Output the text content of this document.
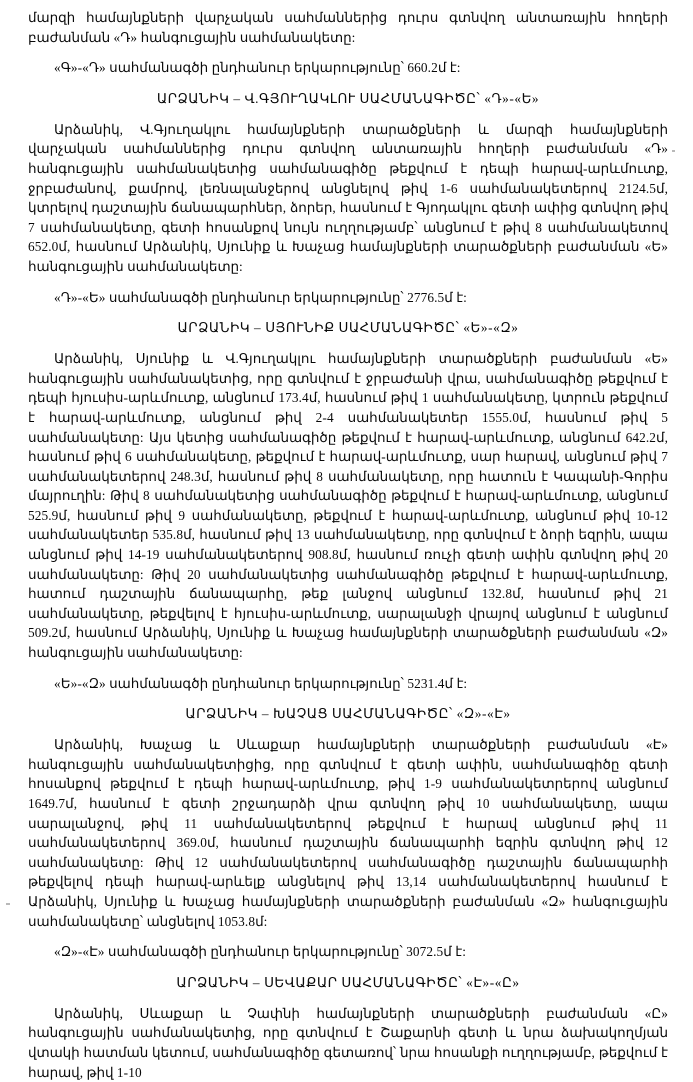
մարզի համայնքների վարչական սահմաններից դուրս գտնվող անտառային հողերի բաժանման «Դ» հանգուցային սահմանակետը:

«Գ»-«Դ» սահմանագծի ընդհանուր երկարությունը՝ 660.2մ է:

ԱՐՁԱՆԻԿ – Վ.ԳՅՈՒՂԱԿԼՈՒ ՍԱՀՄԱՆԱԳԻԾԸ՝ «Դ»-«Ե»

Արձանիկ, Վ.Գյուղակլու համայնքների տարածքների և մարզի համայնքների վարչական սահմաններից դուրս գտնվող անտառային հողերի բաժանման «Դ» հանգուցային սահմանակետից սահմանագիծը թեքվում է դեպի հարավ-արևմուտք, ջրբաժանով, քամրով, լեռնալանջերով անցնելով թիվ 1-6 սահմանակետերով 2124.5մ, կտրելով դաշտային ճանապարհներ, ձորեր, հասնում է Գյոդակլու գետի ափից գտնվող թիվ 7 սահմանակետը, գետի հոսանքով նույն ուղղությամբ՝ անցնում է թիվ 8 սահմանակետով 652.0մ, հասնում Արձանիկ, Սյունիք և Խաչաց համայնքների տարածքների բաժանման «Ե» հանգուցային սահմանակետը:

«Դ»-«Ե» սահմանագծի ընդհանուր երկարությունը՝ 2776.5մ է:

ԱՐՁԱՆԻԿ – ՍՅՈՒՆԻՔ ՍԱՀՄԱՆԱԳԻԾԸ՝ «Ե»-«Զ»

Արձանիկ, Սյունիք և Վ.Գյուղակլու համայնքների տարածքների բաժանման «Ե» հանգուցային սահմանակետից, որը գտնվում է ջրբաժանի վրա, սահմանագիծը թեքվում է դեպի հյուսիս-արևմուտք, անցնում 173.4մ, հասնում թիվ 1 սահմանակետը, կտրուն թեքվում է հարավ-արևմուտք, անցնում թիվ 2-4 սահմանակետեր 1555.0մ, հասնում թիվ 5 սահմանակետը: Այս կետից սահմանագիծը թեքվում է հարավ-արևմուտք, անցնում 642.2մ, հասնում թիվ 6 սահմանակետը, թեքվում է հարավ-արևմուտք, սար հարավ, անցնում թիվ 7 սահմանակետերով 248.3մ, հասնում թիվ 8 սահմանակետը, որը հատուն է Կապանի-Գորիս մայրուղին: Թիվ 8 սահմանակետից սահմանագիծը թեքվում է հարավ-արևմուտք, անցնում 525.9մ, հասնում թիվ 9 սահմանակետը, թեքվում է հարավ-արևմուտք, անցնում թիվ 10-12 սահմանակետեր 535.8մ, հասնում թիվ 13 սահմանակետը, որը գտնվում է ձորի եզրին, ապա անցնում թիվ 14-19 սահմանակետերով 908.8մ, հասնում ռուչի գետի ափին գտնվող թիվ 20 սահմանակետը: Թիվ 20 սահմանակետից սահմանագիծը թեքվում է հարավ-արևմուտք, հատում դաշտային ճանապարհը, թեք լանջով անցնում 132.8մ, հասնում թիվ 21 սահմանակետը, թեքվելով է հյուսիս-արևմուտք, սարալանջի վրայով անցնում է անցնում 509.2մ, հասնում Արձանիկ, Սյունիք և Խաչաց համայնքների տարածքների բաժանման «Զ» հանգուցային սահմանակետը:

«Ե»-«Զ» սահմանագծի ընդհանուր երկարությունը՝ 5231.4մ է:

ԱՐՁԱՆԻԿ – ԽԱՉԱՑ ՍԱՀՄԱՆԱԳԻԾԸ՝ «Զ»-«Է»

Արձանիկ, Խաչաց և Սևաքար համայնքների տարածքների բաժանման «Է» հանգուցային սահմանակետիցից, որը գտնվում է գետի ափին, սահմանագիծը գետի հոսանքով թեքվում է դեպի հարավ-արևմուտք, թիվ 1-9 սահմանակետրերով անցնում 1649.7մ, հասնում է գետի շրջադարձի վրա գտնվող թիվ 10 սահմանակետը, ապա սարալանջով, թիվ 11 սահմանակետերով թեքվում է հարավ անցնում թիվ 11 սահմանակետերով 369.0մ, հասնում դաշտային ճանապարհի եզրին գտնվող թիվ 12 սահմանակետը: Թիվ 12 սահմանակետերով սահմանագիծը դաշտային ճանապարհի թեքվելով դեպի հարավ-արևելք անցնելով թիվ 13,14 սահմանակետերով հասնում է Արձանիկ, Սյունիք և Խաչաց համայնքների տարածքների բաժանման «Զ» հանգուցային սահմանակետը՝ անցնելով 1053.8մ:

«Զ»-«Է» սահմանագծի ընդհանուր երկարությունը՝ 3072.5մ է:

ԱՐՁԱՆԻԿ – ՍԵՎԱՔԱՐ ՍԱՀՄԱՆԱԳԻԾԸ՝ «Է»-«Ը»

Արձանիկ, Սևաքար և Չափնի համայնքների տարածքների բաժանման «Ը» հանգուցային սահմանակետից, որը գտնվում է Շաքարնի գետի և նրա ձախակողմյան վտակի հատման կետում, սահմանագիծը գետառով՝ նրա հոսանքի ուղղությամբ, թեքվում է հարավ, թիվ 1-10
